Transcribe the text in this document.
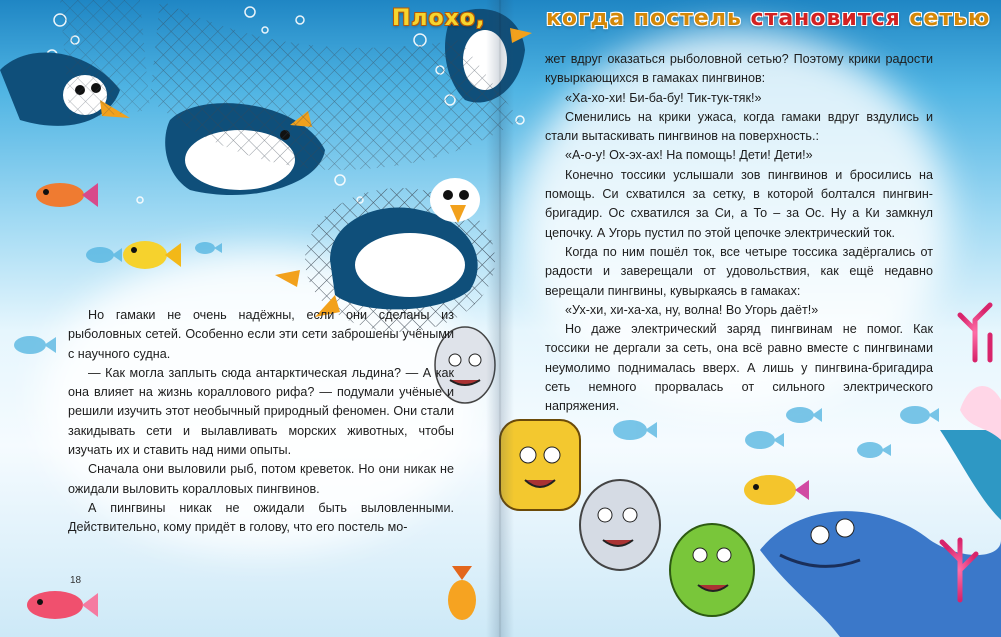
Плохо,	когда постель становится сетью

Но гамаки не очень надёжны, если они сделаны из рыболовных сетей. Особенно если эти сети заброшены учёными с научного судна.

— Как могла заплыть сюда антарктическая льдина? — А как она влияет на жизнь кораллового рифа? — подумали учёные и решили изучить этот необычный природный феномен. Они стали закидывать сети и вылавливать морских животных, чтобы изучать их и ставить над ними опыты.

Сначала они выловили рыб, потом креветок. Но они никак не ожидали выловить коралловых пингвинов.

А пингвины никак не ожидали быть выловленными. Действительно, кому придёт в голову, что его постель мо-

жет вдруг оказаться рыболовной сетью? Поэтому крики радости кувыркающихся в гамаках пингвинов:

«Ха-хо-хи! Би-ба-бу! Тик-тук-тяк!»

Сменились на крики ужаса, когда гамаки вдруг вздулись и стали вытаскивать пингвинов на поверхность.:

«А-о-у! Ох-эх-ах! На помощь! Дети! Дети!»

Конечно тоссики услышали зов пингвинов и бросились на помощь. Си схватился за сетку, в которой болтался пингвин-бригадир. Ос схватился за Си, а То – за Ос. Ну а Ки замкнул цепочку. А Угорь пустил по этой цепочке электрический ток.

Когда по ним пошёл ток, все четыре тоссика задёргались от радости и заверещали от удовольствия, как ещё недавно верещали пингвины, кувыркаясь в гамаках:

«Ух-хи, хи-ха-ха, ну, волна! Во Угорь даёт!»

Но даже электрический заряд пингвинам не помог. Как тоссики не дергали за сеть, она всё равно вместе с пингвинами неумолимо поднималась вверх. А лишь у пингвина-бригадира сеть немного прорвалась от сильного электрического напряжения.

18
